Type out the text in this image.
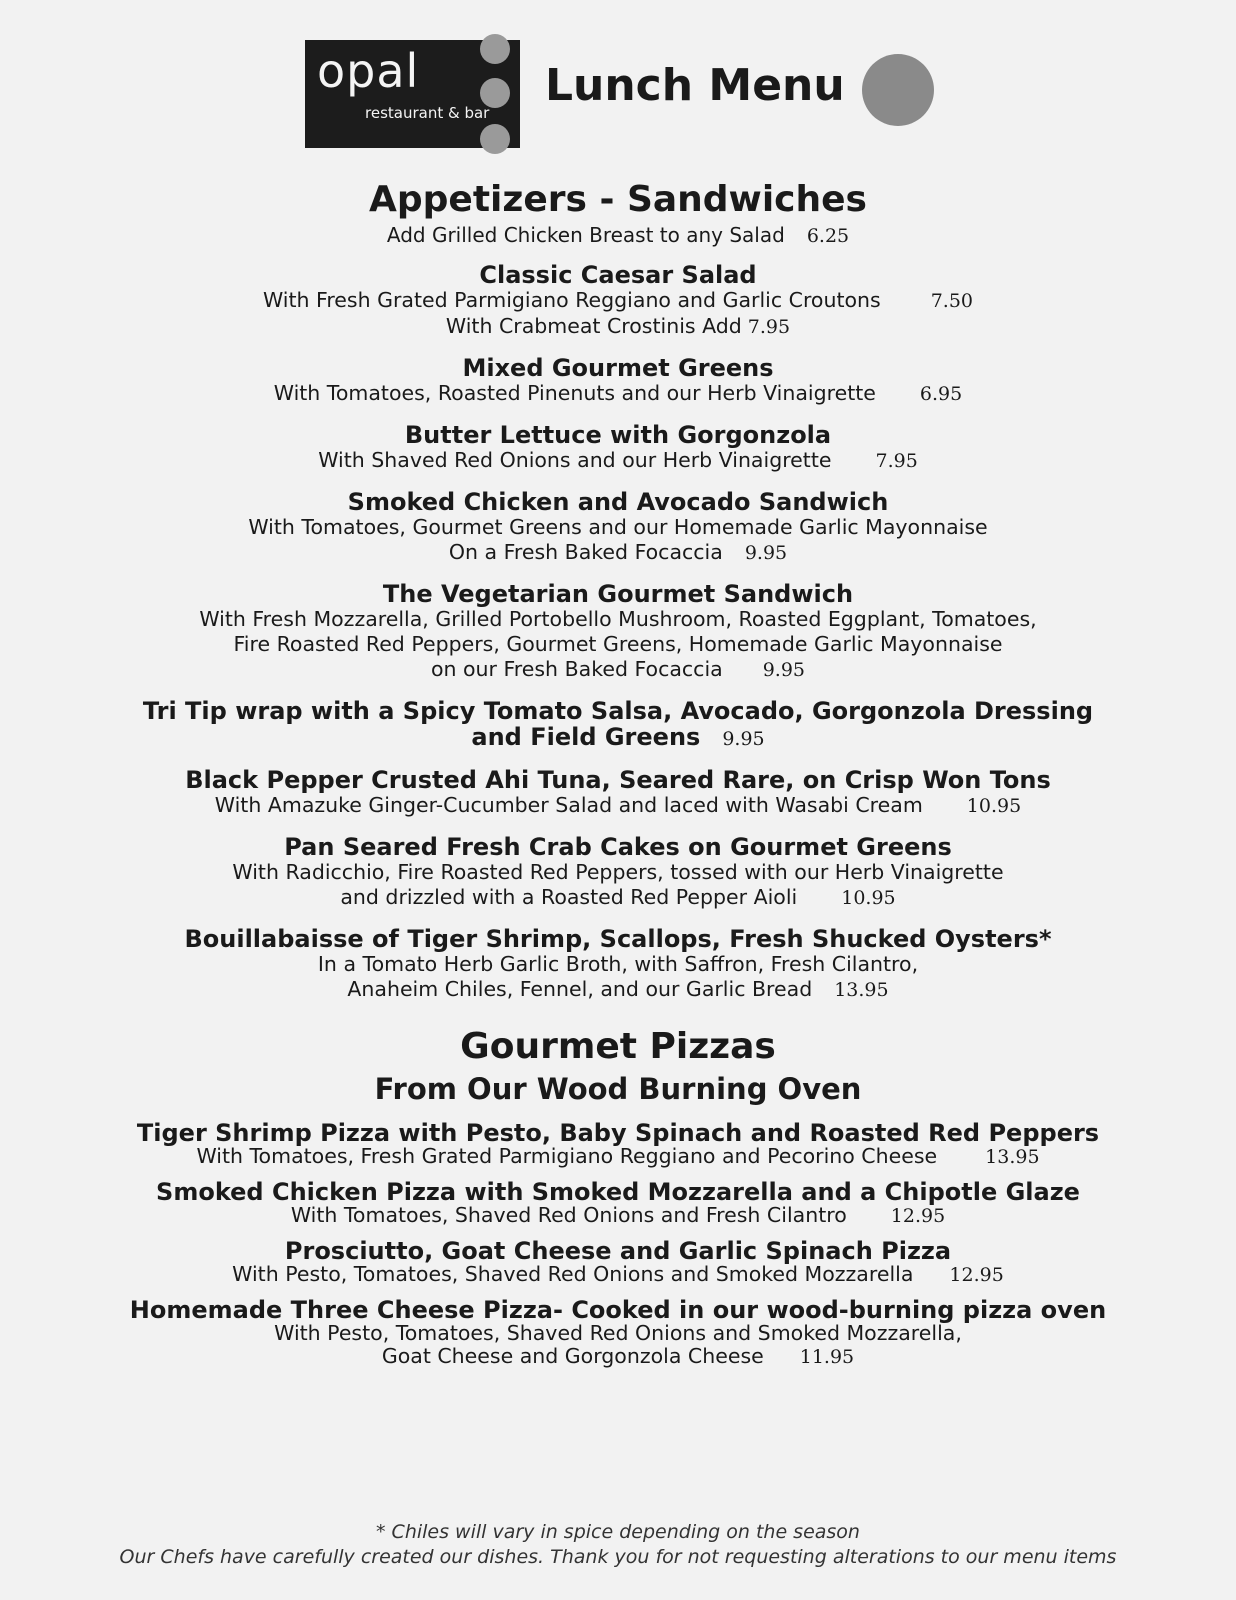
opal
restaurant & bar
Lunch Menu
Appetizers - Sandwiches

Add Grilled Chicken Breast to any Salad 6.25

Classic Caesar Salad

With Fresh Grated Parmigiano Reggiano and Garlic Croutons	7.50

With Crabmeat Crostinis Add 7.95

Mixed Gourmet Greens

With Tomatoes, Roasted Pinenuts and our Herb Vinaigrette 6.95

Butter Lettuce with Gorgonzola

With Shaved Red Onions and our Herb Vinaigrette 7.95

Smoked Chicken and Avocado Sandwich

With Tomatoes, Gourmet Greens and our Homemade Garlic Mayonnaise

On a Fresh Baked Focaccia 9.95

The Vegetarian Gourmet Sandwich

With Fresh Mozzarella, Grilled Portobello Mushroom, Roasted Eggplant, Tomatoes,

Fire Roasted Red Peppers, Gourmet Greens, Homemade Garlic Mayonnaise

on our Fresh Baked Focaccia 9.95

Tri Tip wrap with a Spicy Tomato Salsa, Avocado, Gorgonzola Dressing

and Field Greens 9.95

Black Pepper Crusted Ahi Tuna, Seared Rare, on Crisp Won Tons

With Amazuke Ginger-Cucumber Salad and laced with Wasabi Cream 10.95

Pan Seared Fresh Crab Cakes on Gourmet Greens

With Radicchio, Fire Roasted Red Peppers, tossed with our Herb Vinaigrette

and drizzled with a Roasted Red Pepper Aioli 10.95

Bouillabaisse of Tiger Shrimp, Scallops, Fresh Shucked Oysters*

In a Tomato Herb Garlic Broth, with Saffron, Fresh Cilantro,

Anaheim Chiles, Fennel, and our Garlic Bread 13.95

Gourmet Pizzas
From Our Wood Burning Oven

Tiger Shrimp Pizza with Pesto, Baby Spinach and Roasted Red Peppers

With Tomatoes, Fresh Grated Parmigiano Reggiano and Pecorino Cheese	13.95

Smoked Chicken Pizza with Smoked Mozzarella and a Chipotle Glaze

With Tomatoes, Shaved Red Onions and Fresh Cilantro 12.95

Prosciutto, Goat Cheese and Garlic Spinach Pizza

With Pesto, Tomatoes, Shaved Red Onions and Smoked Mozzarella 12.95

Homemade Three Cheese Pizza- Cooked in our wood-burning pizza oven

With Pesto, Tomatoes, Shaved Red Onions and Smoked Mozzarella,

Goat Cheese and Gorgonzola Cheese 11.95

* Chiles will vary in spice depending on the season
Our Chefs have carefully created our dishes. Thank you for not requesting alterations to our menu items
